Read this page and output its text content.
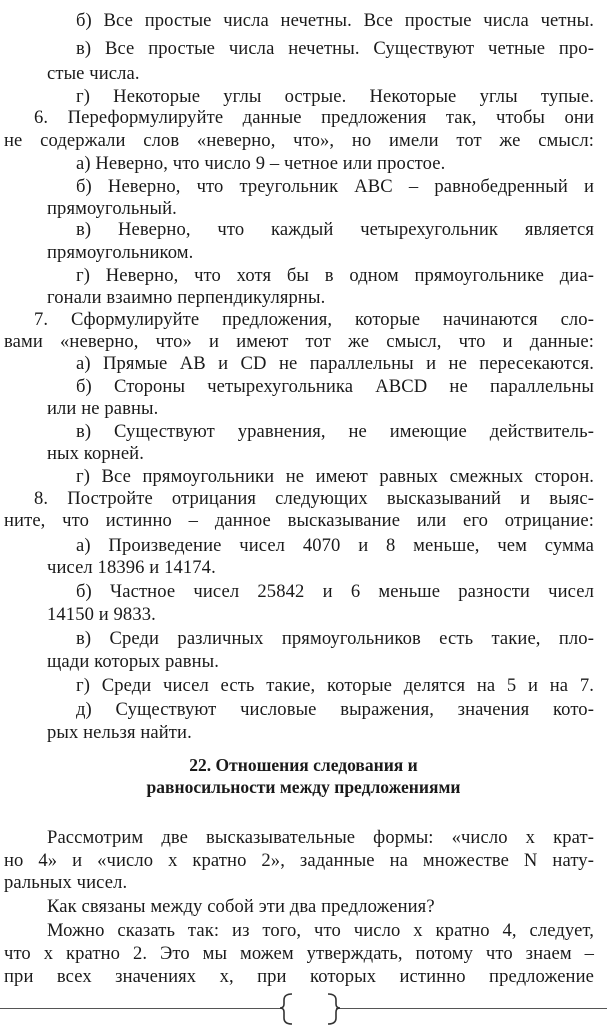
б) Все простые числа нечетны. Все простые числа четны.
в) Все простые числа нечетны. Существуют четные про-
стые числа.
г) Некоторые углы острые. Некоторые углы тупые.
6. Переформулируйте данные предложения так, чтобы они
не содержали слов «неверно, что», но имели тот же смысл:
а) Неверно, что число 9 – четное или простое.
б) Неверно, что треугольник ABC – равнобедренный и
прямоугольный.
в) Неверно, что каждый четырехугольник является
прямоугольником.
г) Неверно, что хотя бы в одном прямоугольнике диа-
гонали взаимно перпендикулярны.
7. Сформулируйте предложения, которые начинаются сло-
вами «неверно, что» и имеют тот же смысл, что и данные:
а) Прямые AB и CD не параллельны и не пересекаются.
б) Стороны четырехугольника ABCD не параллельны
или не равны.
в) Существуют уравнения, не имеющие действитель-
ных корней.
г) Все прямоугольники не имеют равных смежных сторон.
8. Постройте отрицания следующих высказываний и выяс-
ните, что истинно – данное высказывание или его отрицание:
а) Произведение чисел 4070 и 8 меньше, чем сумма
чисел 18396 и 14174.
б) Частное чисел 25842 и 6 меньше разности чисел
14150 и 9833.
в) Среди различных прямоугольников есть такие, пло-
щади которых равны.
г) Среди чисел есть такие, которые делятся на 5 и на 7.
д) Существуют числовые выражения, значения кото-
рых нельзя найти.
22. Отношения следования и
равносильности между предложениями
Рассмотрим две высказывательные формы: «число x крат-
но 4» и «число x кратно 2», заданные на множестве N нату-
ральных чисел.
Как связаны между собой эти два предложения?
Можно сказать так: из того, что число x кратно 4, следует,
что x кратно 2. Это мы можем утверждать, потому что знаем –
при всех значениях x, при которых истинно предложение
